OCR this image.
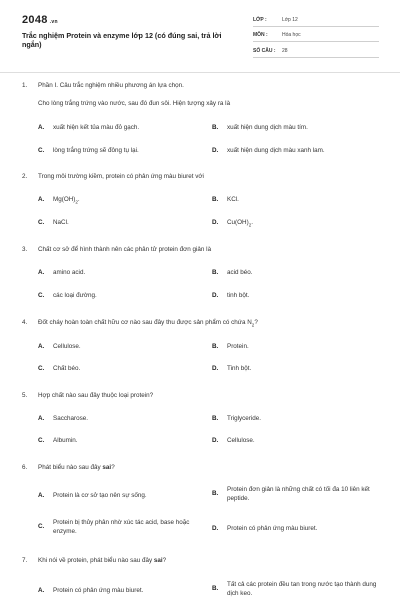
2048 .vn
Trắc nghiệm Protein và enzyme lớp 12 (có đúng sai, trả lời ngắn)
LỚP :	Lớp 12
MÔN :	Hóa học
SỐ CÂU :	28
1.	Phần I. Câu trắc nghiệm nhiều phương án lựa chọn.
Cho lòng trắng trứng vào nước, sau đó đun sôi. Hiện tượng xảy ra là
A.	xuất hiện kết tủa màu đỏ gạch.	B.	xuất hiện dung dịch màu tím.
C.	lòng trắng trứng sẽ đông tụ lại.	D.	xuất hiện dung dịch màu xanh lam.
2.	Trong môi trường kiềm, protein có phản ứng màu biuret với
A.	$Mg(OH)_2$.	B.	KCl.
C.	NaCl.	D.	$Cu(OH)_2$.
3.	Chất cơ sở để hình thành nên các phân tử protein đơn giản là
A.	amino acid.	B.	acid béo.
C.	các loại đường.	D.	tinh bột.
4.	Đốt cháy hoàn toàn chất hữu cơ nào sau đây thu được sản phẩm có chứa $N_2$?
A.	Cellulose.	B.	Protein.
C.	Chất béo.	D.	Tinh bột.
5.	Hợp chất nào sau đây thuộc loại protein?
A.	Saccharose.	B.	Triglyceride.
C.	Albumin.	D.	Cellulose.
6.	Phát biểu nào sau đây sai?
A.	Protein là cơ sở tạo nên sự sống.	B.
Protein đơn giản là những chất có tối đa 10 liên kết peptide.
C.
Protein bị thủy phân nhờ xúc tác acid, base hoặc enzyme.	D.	Protein có phản ứng màu biuret.
7.	Khi nói về protein, phát biểu nào sau đây sai?
A.	Protein có phản ứng màu biuret.	B.
Tất cả các protein đều tan trong nước tạo thành dung dịch keo.
